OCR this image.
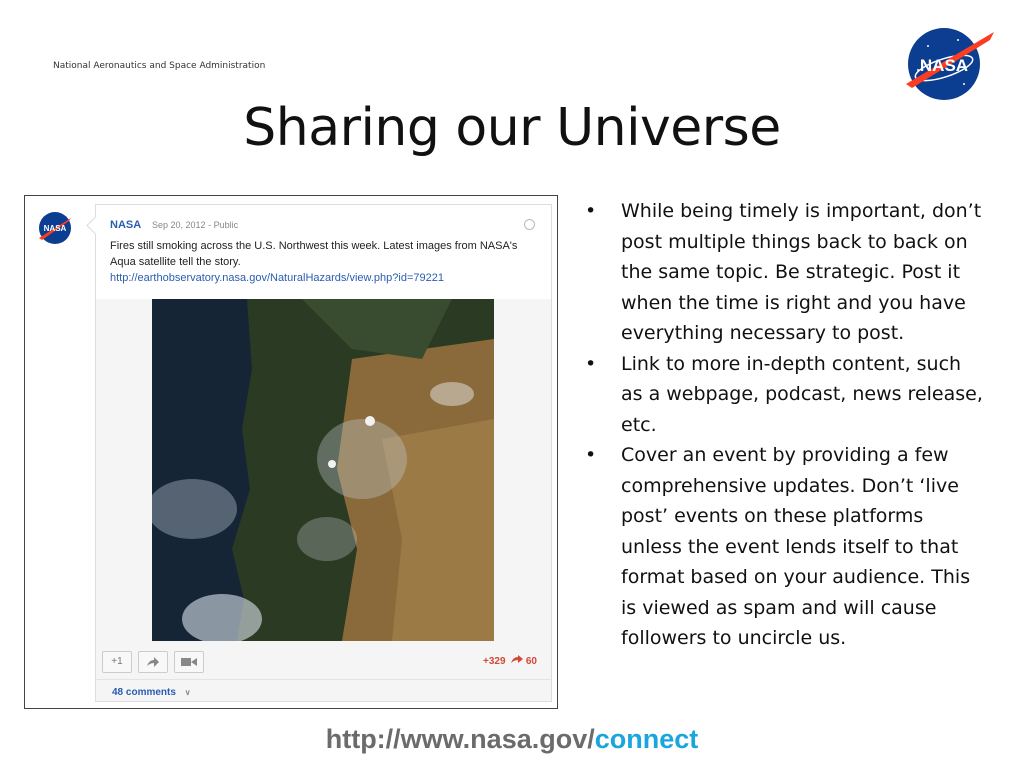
National Aeronautics and Space Administration	NASA
Sharing our Universe
NASA	NASA Sep 20, 2012 - Public
Fires still smoking across the U.S. Northwest this week. Latest images from NASA's Aqua satellite tell the story.
http://earthobservatory.nasa.gov/NaturalHazards/view.php?id=79221
+1	+329 60
48 comments ∨
• While being timely is important, don’t post multiple things back to back on the same topic. Be strategic. Post it when the time is right and you have everything necessary to post.
• Link to more in-depth content, such as a webpage, podcast, news release, etc.
• Cover an event by providing a few comprehensive updates. Don’t ‘live post’ events on these platforms unless the event lends itself to that format based on your audience. This is viewed as spam and will cause followers to uncircle us.
http://www.nasa.gov/connect
